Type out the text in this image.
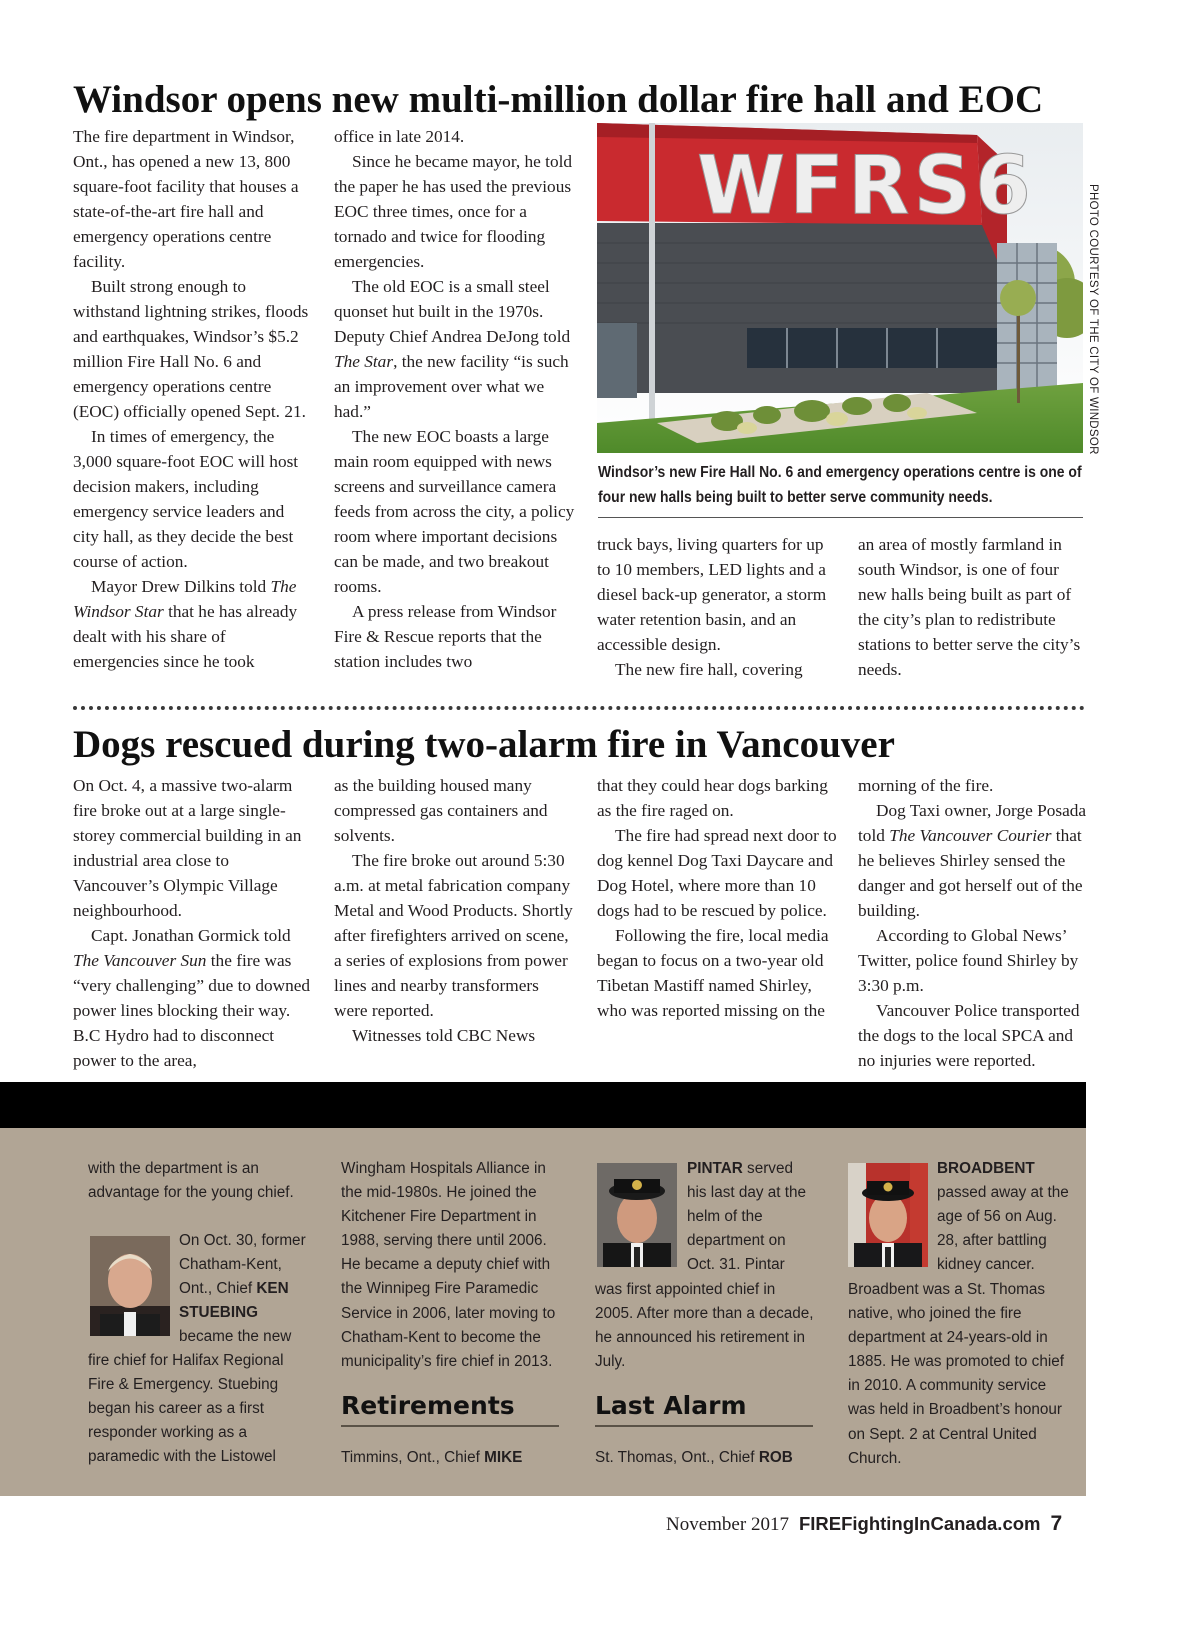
Windsor opens new multi-million dollar fire hall and EOC

The fire department in Windsor, Ont., has opened a new 13, 800 square-foot facility that houses a state-of-the-art fire hall and emergency operations centre facility.

Built strong enough to withstand lightning strikes, floods and earthquakes, Windsor’s $5.2 million Fire Hall No. 6 and emergency operations centre (EOC) officially opened Sept. 21.

In times of emergency, the 3,000 square-foot EOC will host decision makers, including emergency service leaders and city hall, as they decide the best course of action.

Mayor Drew Dilkins told The Windsor Star that he has already dealt with his share of emergencies since he took

office in late 2014.

Since he became mayor, he told the paper he has used the previous EOC three times, once for a tornado and twice for flooding emergencies.

The old EOC is a small steel quonset hut built in the 1970s. Deputy Chief Andrea DeJong told The Star, the new facility “is such an improvement over what we had.”

The new EOC boasts a large main room equipped with news screens and surveillance camera feeds from across the city, a policy room where important decisions can be made, and two breakout rooms.

A press release from Windsor Fire & Rescue reports that the station includes two

WFRS6	PHOTO COURTESY OF THE CITY OF WINDSOR
Windsor’s new Fire Hall No. 6 and emergency operations centre is one of four new halls being built to better serve community needs.

truck bays, living quarters for up to 10 members, LED lights and a diesel back-up generator, a storm water retention basin, and an accessible design.

The new fire hall, covering

an area of mostly farmland in south Windsor, is one of four new halls being built as part of the city’s plan to redistribute stations to better serve the city’s needs.

Dogs rescued during two-alarm fire in Vancouver

On Oct. 4, a massive two-alarm fire broke out at a large single-storey commercial building in an industrial area close to Vancouver’s Olympic Village neighbourhood.

Capt. Jonathan Gormick told The Vancouver Sun the fire was “very challenging” due to downed power lines blocking their way. B.C Hydro had to disconnect power to the area,

as the building housed many compressed gas containers and solvents.

The fire broke out around 5:30 a.m. at metal fabrication company Metal and Wood Products. Shortly after firefighters arrived on scene, a series of explosions from power lines and nearby transformers were reported.

Witnesses told CBC News

that they could hear dogs barking as the fire raged on.

The fire had spread next door to dog kennel Dog Taxi Daycare and Dog Hotel, where more than 10 dogs had to be rescued by police.

Following the fire, local media began to focus on a two-year old Tibetan Mastiff named Shirley, who was reported missing on the

morning of the fire.

Dog Taxi owner, Jorge Posada told The Vancouver Courier that he believes Shirley sensed the danger and got herself out of the building.

According to Global News’ Twitter, police found Shirley by 3:30 p.m.

Vancouver Police transported the dogs to the local SPCA and no injuries were reported.

with the department is an advantage for the young chief.

On Oct. 30, former Chatham-Kent, Ont., Chief KEN STUEBING became the new

fire chief for Halifax Regional Fire & Emergency. Stuebing began his career as a first responder working as a paramedic with the Listowel

Wingham Hospitals Alliance in the mid-1980s. He joined the Kitchener Fire Department in 1988, serving there until 2006. He became a deputy chief with the Winnipeg Fire Paramedic Service in 2006, later moving to Chatham-Kent to become the municipality’s fire chief in 2013.

Retirements

Timmins, Ont., Chief MIKE

PINTAR served his last day at the helm of the department on Oct. 31. Pintar

was first appointed chief in 2005. After more than a decade, he announced his retirement in July.

Last Alarm

St. Thomas, Ont., Chief ROB

BROADBENT passed away at the age of 56 on Aug. 28, after battling kidney cancer.

Broadbent was a St. Thomas native, who joined the fire department at 24-years-old in 1885. He was promoted to chief in 2010. A community service was held in Broadbent’s honour on Sept. 2 at Central United Church.

November 2017 FIREFightingInCanada.com 7
